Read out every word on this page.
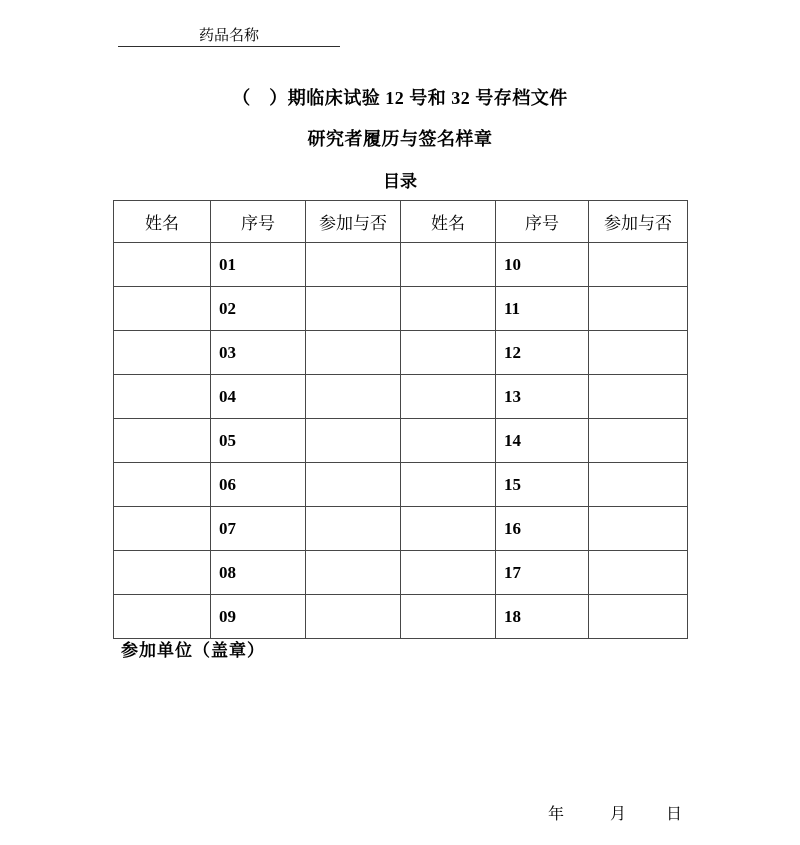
药品名称
（　）期临床试验 12 号和 32 号存档文件
研究者履历与签名样章
目录
姓名	序号	参加与否	姓名	序号	参加与否
	01			10	
	02			11	
	03			12	
	04			13	
	05			14	
	06			15	
	07			16	
	08			17	
	09			18	
参加单位（盖章）
年	月	日
